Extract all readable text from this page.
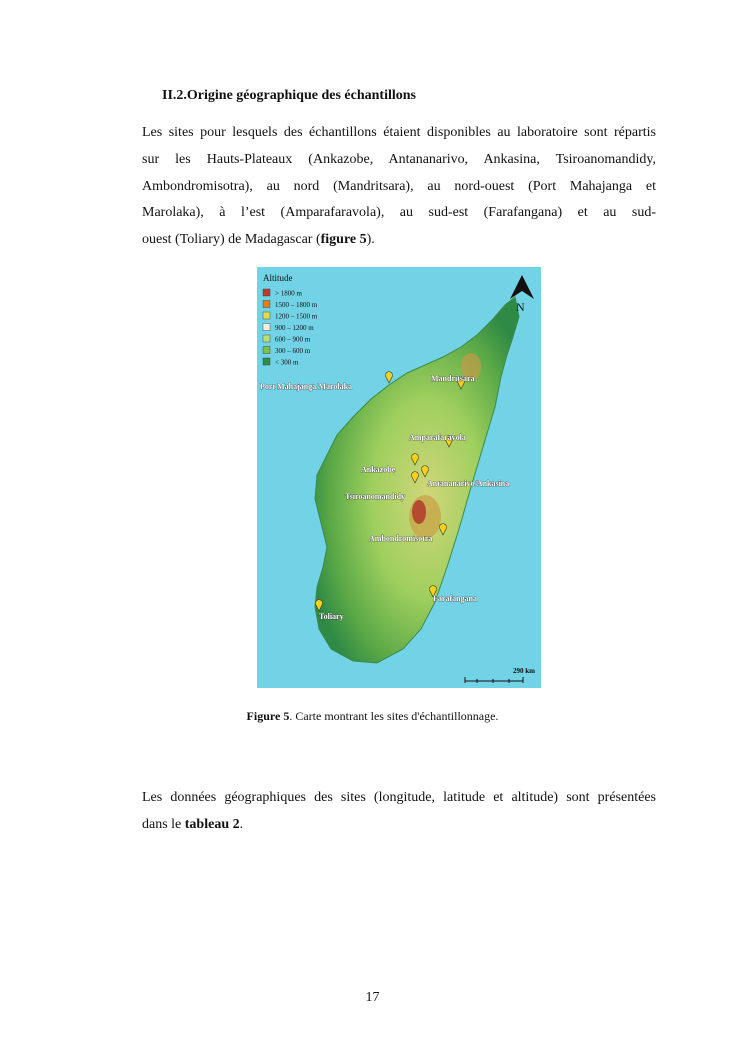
II.2.Origine géographique des échantillons
Les sites pour lesquels des échantillons étaient disponibles au laboratoire sont répartis
sur les Hauts-Plateaux (Ankazobe, Antananarivo, Ankasina, Tsiroanomandidy,
Ambondromisotra), au nord (Mandritsara), au nord-ouest (Port Mahajanga et
Marolaka), à l’est (Amparafaravola), au sud-est (Farafangana) et au sud-
ouest (Toliary) de Madagascar (figure 5).
Altitude
> 1800 m
1500 – 1800 m
1200 – 1500 m
900 – 1200 m
600 – 900 m
300 – 600 m
< 300 m
N
Port Mahajanga/Marolaka
Mandritsara
Amparafaravola
Ankazobe
Antananarivo/Ankasina
Tsiroanomandidy
Ambondromisotra
Farafangana
Toliary
290 km
Figure 5. Carte montrant les sites d'échantillonnage.
Les données géographiques des sites (longitude, latitude et altitude) sont présentées
dans le tableau 2.
17
